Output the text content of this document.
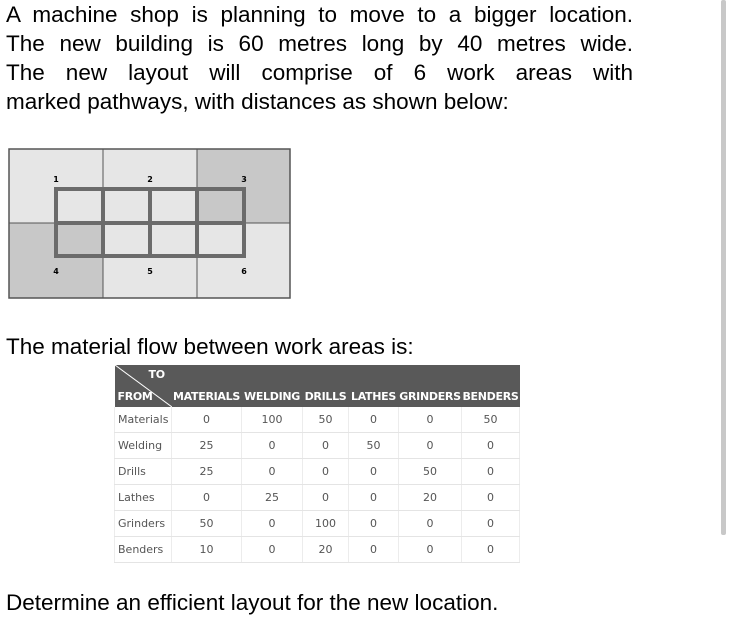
A machine shop is planning to move to a bigger location.
The new building is 60 metres long by 40 metres wide.
The new layout will comprise of 6 work areas with
marked pathways, with distances as shown below:

1	2	3
4	5	6

The material flow between work areas is:

TO
FROM	MATERIALS	WELDING	DRILLS	LATHES	GRINDERS	BENDERS
Materials	0	100	50	0	0	50
Welding	25	0	0	50	0	0
Drills	25	0	0	0	50	0
Lathes	0	25	0	0	20	0
Grinders	50	0	100	0	0	0
Benders	10	0	20	0	0	0

Determine an efficient layout for the new location.
